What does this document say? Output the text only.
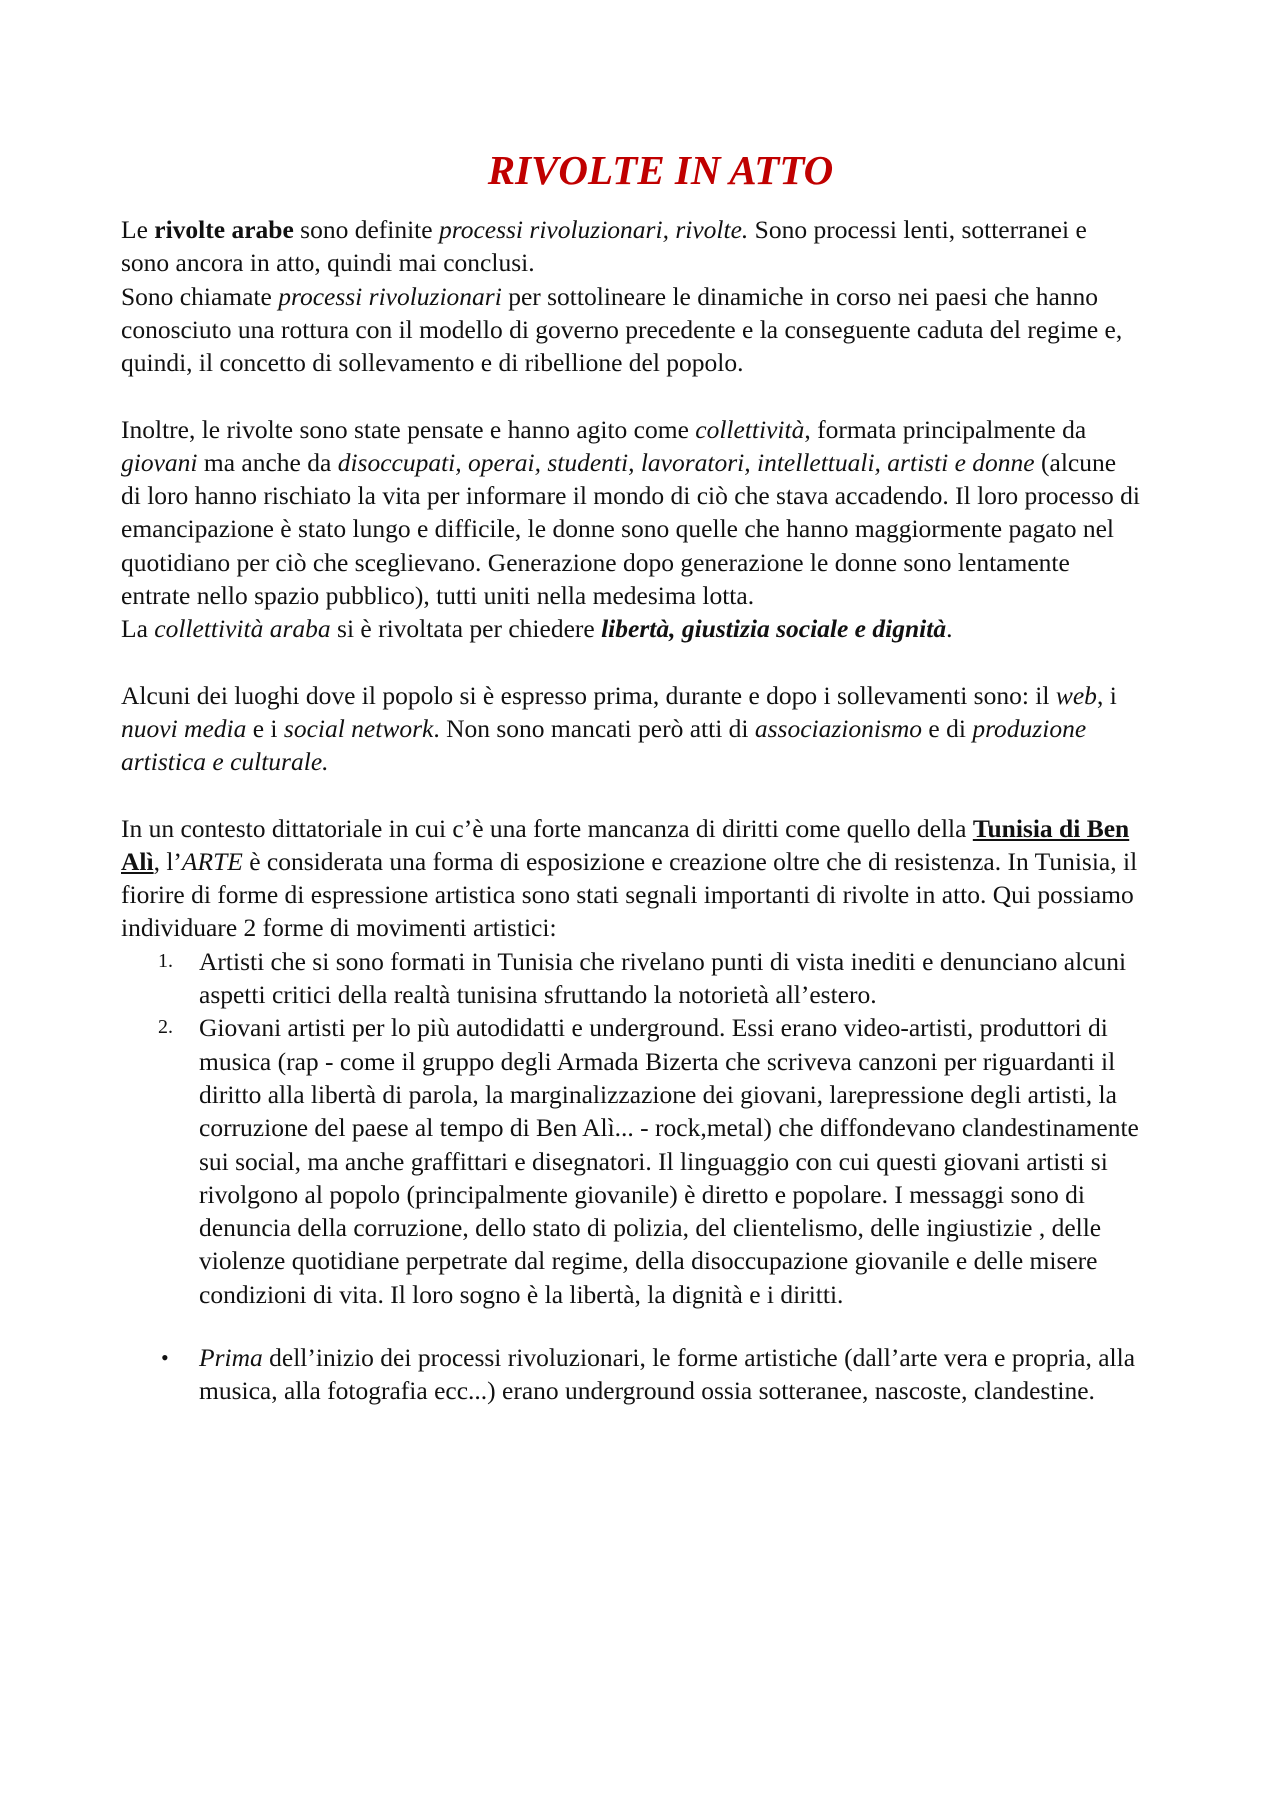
RIVOLTE IN ATTO

Le rivolte arabe sono definite processi rivoluzionari, rivolte. Sono processi lenti, sotterranei e sono ancora in atto, quindi mai conclusi.

Sono chiamate processi rivoluzionari per sottolineare le dinamiche in corso nei paesi che hanno conosciuto una rottura con il modello di governo precedente e la conseguente caduta del regime e, quindi, il concetto di sollevamento e di ribellione del popolo.

Inoltre, le rivolte sono state pensate e hanno agito come collettività, formata principalmente da giovani ma anche da disoccupati, operai, studenti, lavoratori, intellettuali, artisti e donne (alcune di loro hanno rischiato la vita per informare il mondo di ciò che stava accadendo. Il loro processo di emancipazione è stato lungo e difficile, le donne sono quelle che hanno maggiormente pagato nel quotidiano per ciò che sceglievano. Generazione dopo generazione le donne sono lentamente entrate nello spazio pubblico), tutti uniti nella medesima lotta.

La collettività araba si è rivoltata per chiedere libertà, giustizia sociale e dignità.

Alcuni dei luoghi dove il popolo si è espresso prima, durante e dopo i sollevamenti sono: il web, i nuovi media e i social network. Non sono mancati però atti di associazionismo e di produzione artistica e culturale.

In un contesto dittatoriale in cui c’è una forte mancanza di diritti come quello della Tunisia di Ben Alì, l’ARTE è considerata una forma di esposizione e creazione oltre che di resistenza. In Tunisia, il fiorire di forme di espressione artistica sono stati segnali importanti di rivolte in atto. Qui possiamo individuare 2 forme di movimenti artistici:

1. Artisti che si sono formati in Tunisia che rivelano punti di vista inediti e denunciano alcuni aspetti critici della realtà tunisina sfruttando la notorietà all’estero.
2. Giovani artisti per lo più autodidatti e underground. Essi erano video-artisti, produttori di musica (rap - come il gruppo degli Armada Bizerta che scriveva canzoni per riguardanti il diritto alla libertà di parola, la marginalizzazione dei giovani, larepressione degli artisti, la corruzione del paese al tempo di Ben Alì... - rock,metal) che diffondevano clandestinamente sui social, ma anche graffittari e disegnatori. Il linguaggio con cui questi giovani artisti si rivolgono al popolo (principalmente giovanile) è diretto e popolare. I messaggi sono di denuncia della corruzione, dello stato di polizia, del clientelismo, delle ingiustizie , delle violenze quotidiane perpetrate dal regime, della disoccupazione giovanile e delle misere condizioni di vita. Il loro sogno è la libertà, la dignità e i diritti.
• Prima dell’inizio dei processi rivoluzionari, le forme artistiche (dall’arte vera e propria, alla musica, alla fotografia ecc...) erano underground ossia sotteranee, nascoste, clandestine.
